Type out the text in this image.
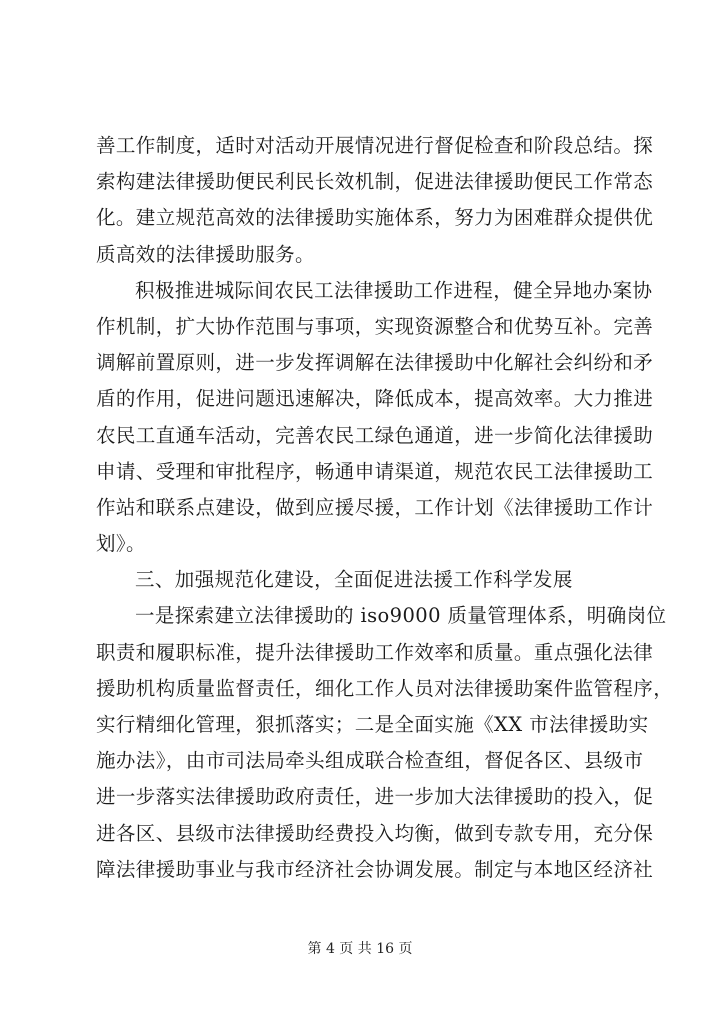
善工作制度，适时对活动开展情况进行督促检查和阶段总结。探
索构建法律援助便民利民长效机制，促进法律援助便民工作常态
化。建立规范高效的法律援助实施体系，努力为困难群众提供优
质高效的法律援助服务。
积极推进城际间农民工法律援助工作进程，健全异地办案协
作机制，扩大协作范围与事项，实现资源整合和优势互补。完善
调解前置原则，进一步发挥调解在法律援助中化解社会纠纷和矛
盾的作用，促进问题迅速解决，降低成本，提高效率。大力推进
农民工直通车活动，完善农民工绿色通道，进一步简化法律援助
申请、受理和审批程序，畅通申请渠道，规范农民工法律援助工
作站和联系点建设，做到应援尽援，工作计划《法律援助工作计
划》。
三、加强规范化建设，全面促进法援工作科学发展
一是探索建立法律援助的 iso9000 质量管理体系，明确岗位
职责和履职标准，提升法律援助工作效率和质量。重点强化法律
援助机构质量监督责任，细化工作人员对法律援助案件监管程序，
实行精细化管理，狠抓落实；二是全面实施《XX 市法律援助实
施办法》，由市司法局牵头组成联合检查组，督促各区、县级市
进一步落实法律援助政府责任，进一步加大法律援助的投入，促
进各区、县级市法律援助经费投入均衡，做到专款专用，充分保
障法律援助事业与我市经济社会协调发展。制定与本地区经济社
第 4 页 共 16 页
